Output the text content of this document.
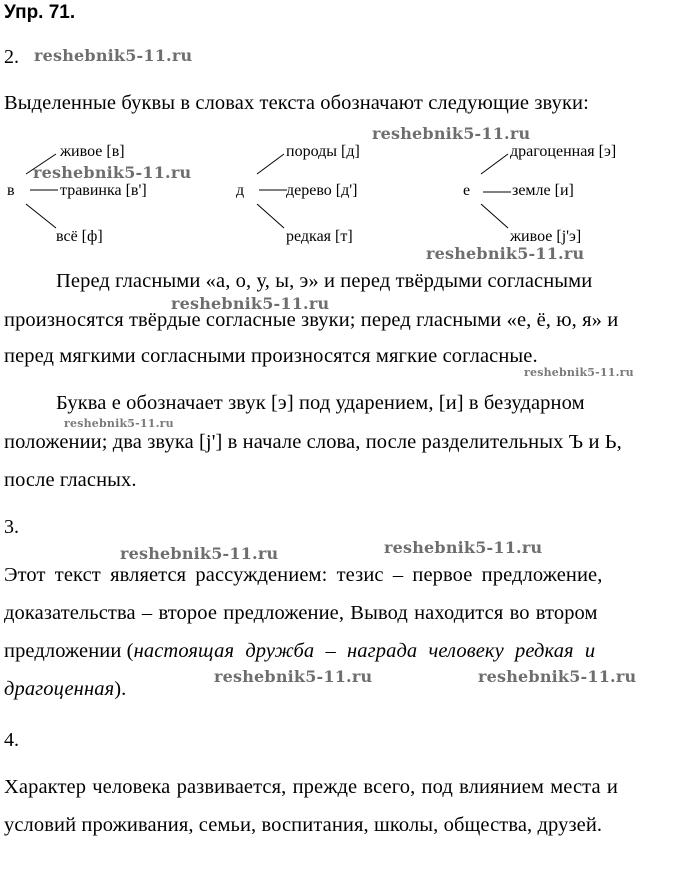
Упр. 71.
2. reshebnik5-11.ru
Выделенные буквы в словах текста обозначают следующие звуки:
в
живое [в]
травинка [в']
всё [ф]
д
породы [д]
дерево [д']
редкая [т]
е
драгоценная [э]
земле [и]
живое [j'э]
reshebnik5-11.ru
reshebnik5-11.ru
reshebnik5-11.ru
Перед гласными «а, о, у, ы, э» и перед твёрдыми согласными
reshebnik5-11.ru
произносятся твёрдые согласные звуки; перед гласными «е, ё, ю, я» и
перед мягкими согласными произносятся мягкие согласные.
reshebnik5-11.ru
Буква е обозначает звук [э] под ударением, [и] в безударном
reshebnik5-11.ru
положении; два звука [j'] в начале слова, после разделительных Ъ и Ь,
после гласных.
3.
reshebnik5-11.ru	reshebnik5-11.ru
Этот текст является рассуждением: тезис – первое предложение,
доказательства – второе предложение, Вывод находится во втором
предложении (настоящая дружба – награда человеку редкая и
драгоценная).
reshebnik5-11.ru	reshebnik5-11.ru
4.
Характер человека развивается, прежде всего, под влиянием места и
условий проживания, семьи, воспитания, школы, общества, друзей.
